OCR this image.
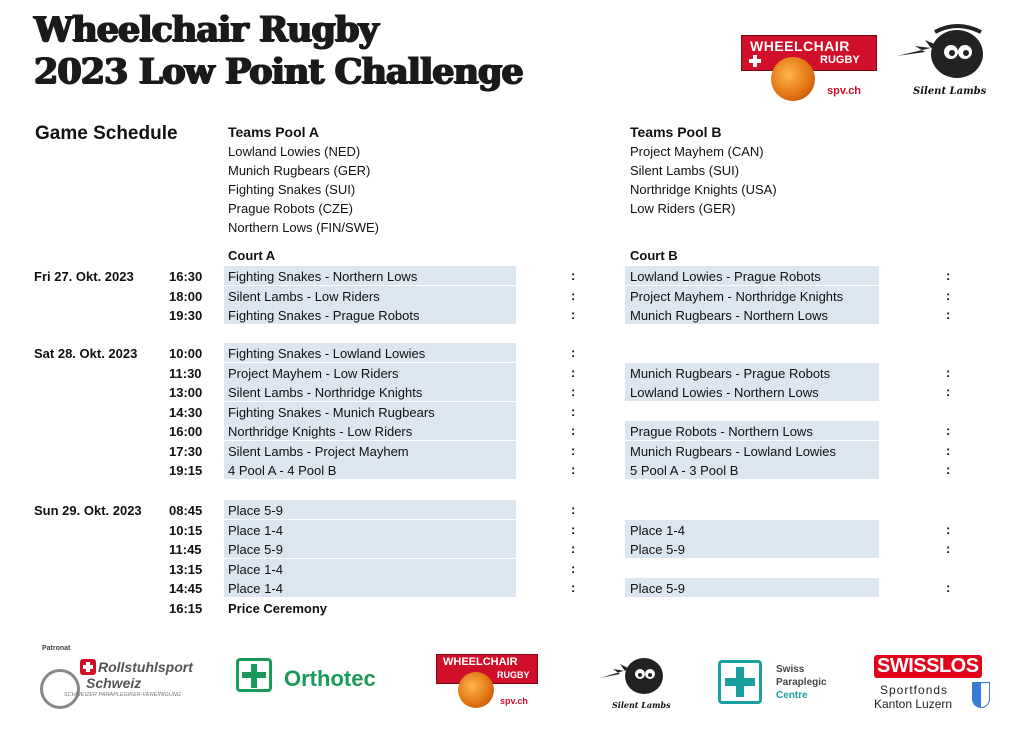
Wheelchair Rugby
2023 Low Point Challenge
WHEELCHAIR
RUGBY
spv.ch	Silent Lambs
Game Schedule	Teams Pool A
Lowland Lowies (NED)
Munich Rugbears (GER)
Fighting Snakes (SUI)
Prague Robots (CZE)
Northern Lows (FIN/SWE)
Teams Pool B
Project Mayhem (CAN)
Silent Lambs (SUI)
Northridge Knights (USA)
Low Riders (GER)
Court A	Court B
Fri 27. Okt. 2023	16:30 Fighting Snakes - Northern Lows	:	Lowland Lowies - Prague Robots	:
18:00 Silent Lambs - Low Riders	:	Project Mayhem - Northridge Knights	:
19:30 Fighting Snakes - Prague Robots	:	Munich Rugbears - Northern Lows	:
Sat 28. Okt. 2023 10:00 Fighting Snakes - Lowland Lowies	:
11:30 Project Mayhem - Low Riders	:	Munich Rugbears - Prague Robots	:
13:00 Silent Lambs - Northridge Knights	:	Lowland Lowies - Northern Lows	:
14:30 Fighting Snakes - Munich Rugbears	:
16:00 Northridge Knights - Low Riders	:	Prague Robots - Northern Lows	:
17:30 Silent Lambs - Project Mayhem	:	Munich Rugbears - Lowland Lowies	:
19:15 4 Pool A - 4 Pool B	:	5 Pool A - 3 Pool B	:
Sun 29. Okt. 2023 08:45 Place 5-9	:
10:15 Place 1-4	:	Place 1-4	:
11:45 Place 5-9	:	Place 5-9	:
13:15 Place 1-4	:
14:45 Place 1-4	:	Place 5-9	:
16:15 Price Ceremony
Patronat
Rollstuhlsport
Schweiz
SCHWEIZER PARAPLEGIKER-VEREINIGUNG
Orthotec
WHEELCHAIR
RUGBY
spv.ch	Silent Lambs
Swiss
Paraplegic
Centre
SWISSLOS
Sportfonds
Kanton Luzern
